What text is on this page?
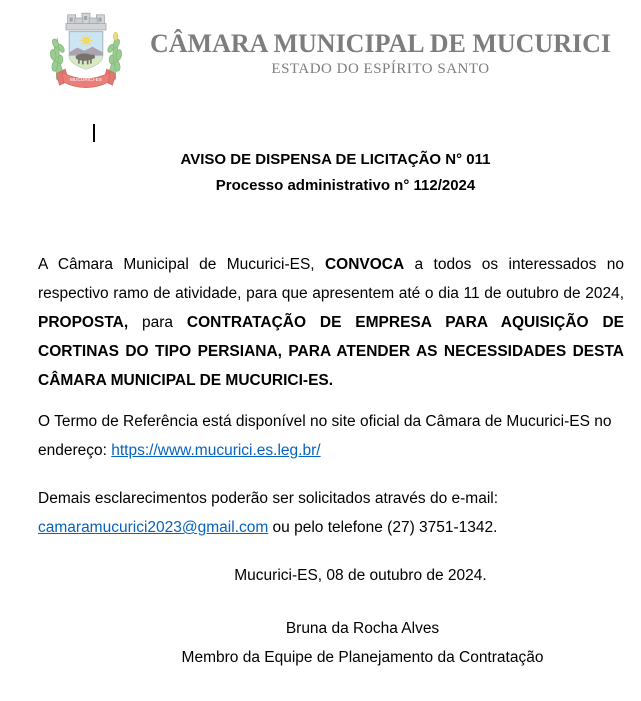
MUCURICI-ES
CÂMARA MUNICIPAL DE MUCURICI
ESTADO DO ESPÍRITO SANTO
AVISO DE DISPENSA DE LICITAÇÃO N° 011
Processo administrativo n° 112/2024
A Câmara Municipal de Mucurici-ES, CONVOCA a todos os interessados no respectivo ramo de atividade, para que apresentem até o dia 11 de outubro de 2024, PROPOSTA, para CONTRATAÇÃO DE EMPRESA PARA AQUISIÇÃO DE CORTINAS DO TIPO PERSIANA, PARA ATENDER AS NECESSIDADES DESTA CÂMARA MUNICIPAL DE MUCURICI-ES.
O Termo de Referência está disponível no site oficial da Câmara de Mucurici-ES no endereço: https://www.mucurici.es.leg.br/
Demais esclarecimentos poderão ser solicitados através do e-mail: camaramucurici2023@gmail.com ou pelo telefone (27) 3751-1342.
Mucurici-ES, 08 de outubro de 2024.
Bruna da Rocha Alves
Membro da Equipe de Planejamento da Contratação
